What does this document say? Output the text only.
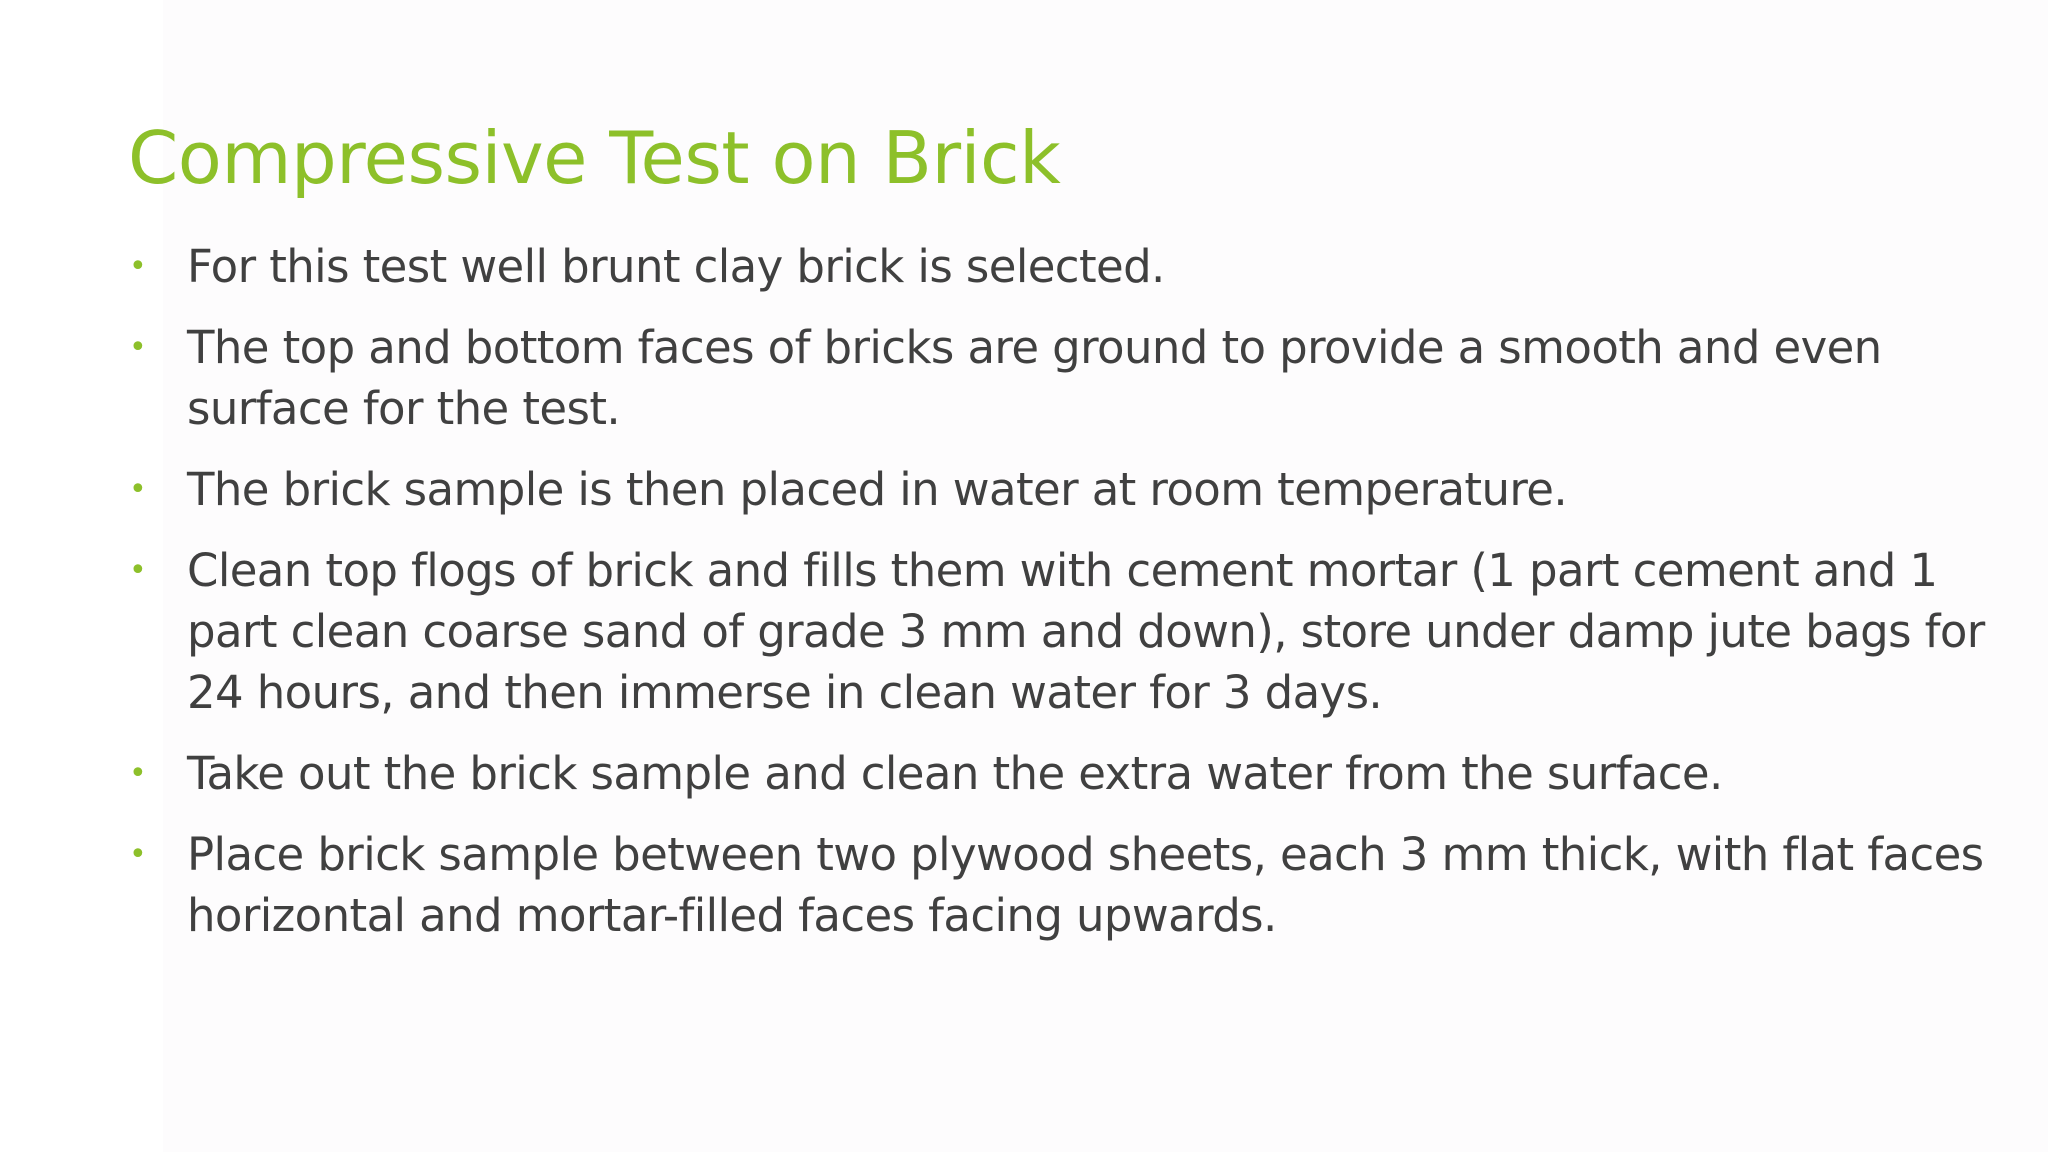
Compressive Test on Brick
• For this test well brunt clay brick is selected.
• The top and bottom faces of bricks are ground to provide a smooth and even surface for the test.
• The brick sample is then placed in water at room temperature.
• Clean top flogs of brick and fills them with cement mortar (1 part cement and 1 part clean coarse sand of grade 3 mm and down), store under damp jute bags for 24 hours, and then immerse in clean water for 3 days.
• Take out the brick sample and clean the extra water from the surface.
• Place brick sample between two plywood sheets, each 3 mm thick, with flat faces horizontal and mortar-filled faces facing upwards.
